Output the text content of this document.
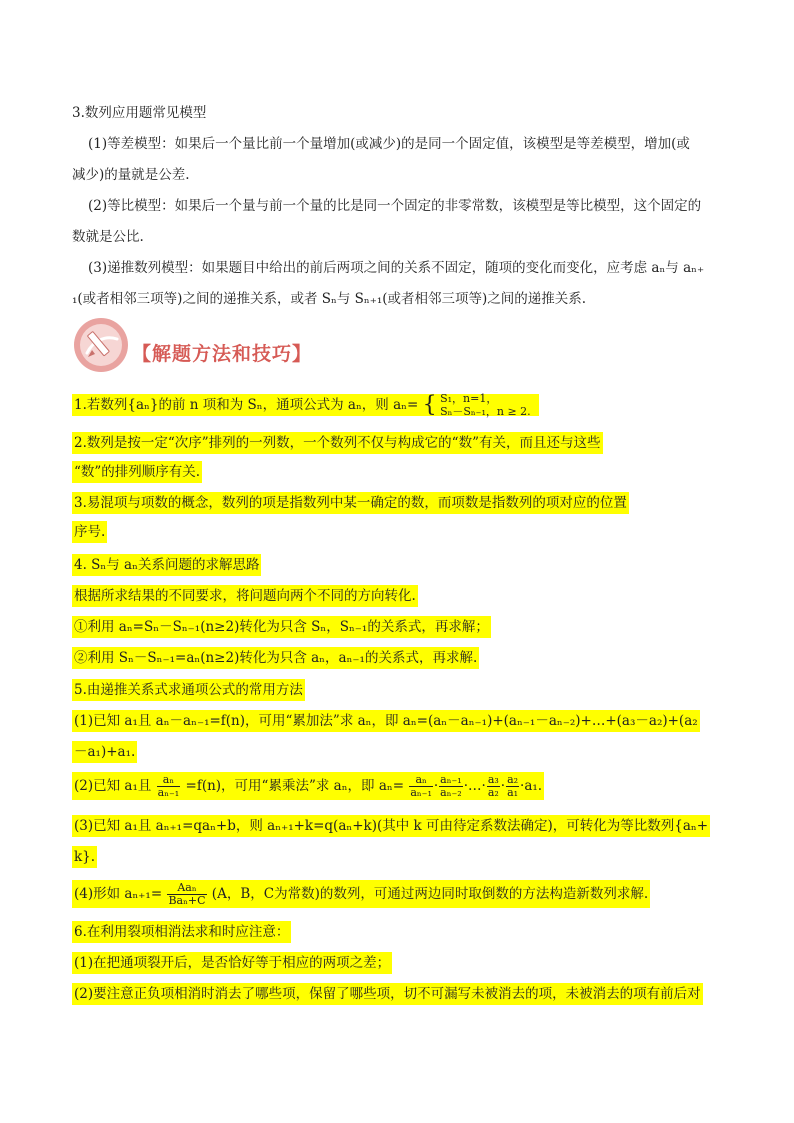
3.数列应用题常见模型
(1)等差模型：如果后一个量比前一个量增加(或减少)的是同一个固定值，该模型是等差模型，增加(或
减少)的量就是公差.
(2)等比模型：如果后一个量与前一个量的比是同一个固定的非零常数，该模型是等比模型，这个固定的
数就是公比.
(3)递推数列模型：如果题目中给出的前后两项之间的关系不固定，随项的变化而变化，应考虑 aₙ与 aₙ₊
₁(或者相邻三项等)之间的递推关系，或者 Sₙ与 Sₙ₊₁(或者相邻三项等)之间的递推关系.
【解题方法和技巧】
1.若数列{aₙ}的前 n 项和为 Sₙ，通项公式为 aₙ，则 aₙ= { S₁，n=1，
Sₙ－Sₙ₋₁，n ≥ 2.
2.数列是按一定“次序”排列的一列数，一个数列不仅与构成它的“数”有关，而且还与这些
“数”的排列顺序有关.
3.易混项与项数的概念，数列的项是指数列中某一确定的数，而项数是指数列的项对应的位置
序号.
4. Sₙ与 aₙ关系问题的求解思路
根据所求结果的不同要求，将问题向两个不同的方向转化.
①利用 aₙ=Sₙ－Sₙ₋₁(n≥2)转化为只含 Sₙ，Sₙ₋₁的关系式，再求解；
②利用 Sₙ－Sₙ₋₁=aₙ(n≥2)转化为只含 aₙ，aₙ₋₁的关系式，再求解.
5.由递推关系式求通项公式的常用方法
(1)已知 a₁且 aₙ－aₙ₋₁=f(n)，可用“累加法”求 aₙ，即 aₙ=(aₙ－aₙ₋₁)+(aₙ₋₁－aₙ₋₂)+…+(a₃－a₂)+(a₂
－a₁)+a₁.
(2)已知 a₁且 $\frac{\text{aₙ}}{\text{aₙ₋₁}} =f(n)$，可用“累乘法”求 aₙ，即 $a_n= \frac{\text{aₙ}}{\text{aₙ₋₁}} \cdot \frac{\text{aₙ₋₁}}{\text{aₙ₋₂}}$ ·…· $\frac{\text{a₃}}{\text{a₂}} \cdot \frac{\text{a₂}}{\text{a₁}} \cdot a_1$.
(3)已知 a₁且 aₙ₊₁=qaₙ+b，则 aₙ₊₁+k=q(aₙ+k)(其中 k 可由待定系数法确定)，可转化为等比数列{aₙ+
k}.
(4)形如 $a_{n+1}= \frac{\text{Aaₙ}}{\text{Baₙ+C}} (A$，B，C为常数)的数列，可通过两边同时取倒数的方法构造新数列求解.
6.在利用裂项相消法求和时应注意：
(1)在把通项裂开后，是否恰好等于相应的两项之差；
(2)要注意正负项相消时消去了哪些项，保留了哪些项，切不可漏写未被消去的项，未被消去的项有前后对
